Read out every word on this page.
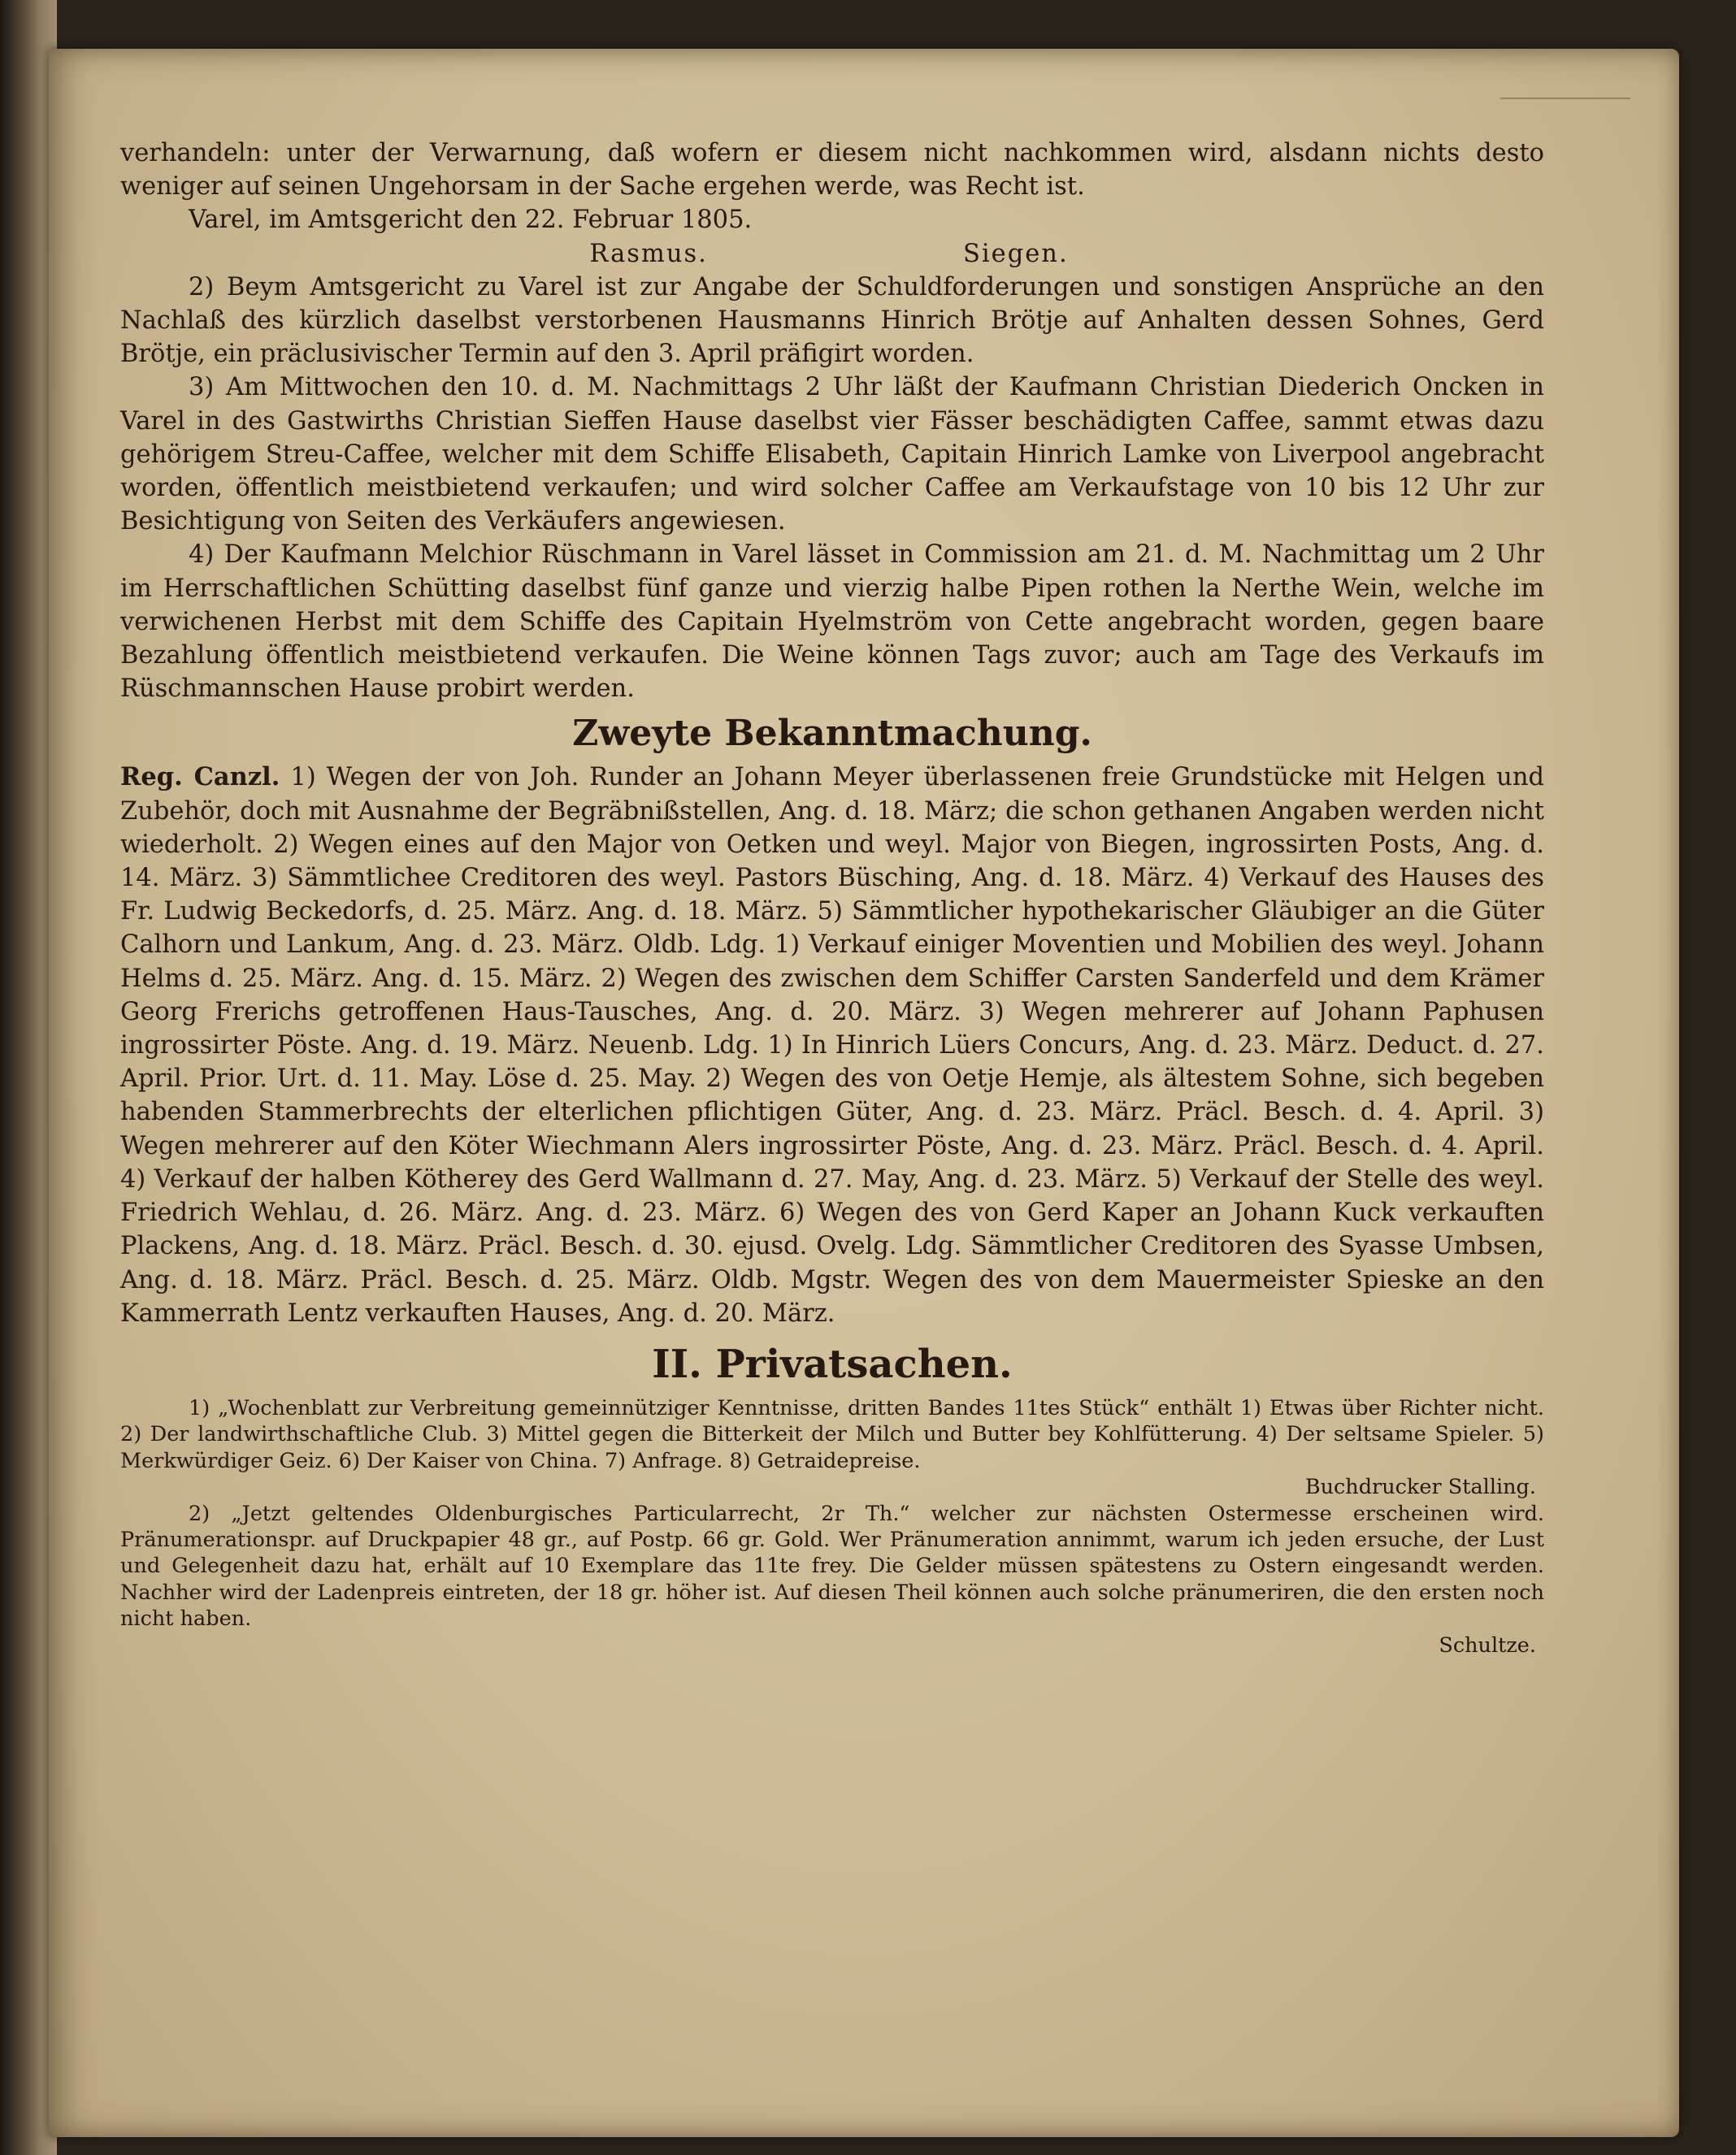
verhandeln: unter der Verwarnung, daß wofern er diesem nicht nachkommen wird, alsdann nichts desto weniger auf seinen Ungehorsam in der Sache ergehen werde, was Recht ist.

Varel, im Amtsgericht den 22. Februar 1805.

Rasmus.	Siegen.

2) Beym Amtsgericht zu Varel ist zur Angabe der Schuldforderungen und sonstigen Ansprüche an den Nachlaß des kürzlich daselbst verstorbenen Hausmanns Hinrich Brötje auf Anhalten dessen Sohnes, Gerd Brötje, ein präclusivischer Termin auf den 3. April präfigirt worden.

3) Am Mittwochen den 10. d. M. Nachmittags 2 Uhr läßt der Kaufmann Christian Diederich Oncken in Varel in des Gastwirths Christian Sieffen Hause daselbst vier Fässer beschädigten Caffee, sammt etwas dazu gehörigem Streu-Caffee, welcher mit dem Schiffe Elisabeth, Capitain Hinrich Lamke von Liverpool angebracht worden, öffentlich meistbietend verkaufen; und wird solcher Caffee am Verkaufstage von 10 bis 12 Uhr zur Besichtigung von Seiten des Verkäufers angewiesen.

4) Der Kaufmann Melchior Rüschmann in Varel lässet in Commission am 21. d. M. Nachmittag um 2 Uhr im Herrschaftlichen Schütting daselbst fünf ganze und vierzig halbe Pipen rothen la Nerthe Wein, welche im verwichenen Herbst mit dem Schiffe des Capitain Hyelmström von Cette angebracht worden, gegen baare Bezahlung öffentlich meistbietend verkaufen. Die Weine können Tags zuvor; auch am Tage des Verkaufs im Rüschmannschen Hause probirt werden.

Zweyte Bekanntmachung.

Reg. Canzl. 1) Wegen der von Joh. Runder an Johann Meyer überlassenen freie Grundstücke mit Helgen und Zubehör, doch mit Ausnahme der Begräbnißstellen, Ang. d. 18. März; die schon gethanen Angaben werden nicht wiederholt. 2) Wegen eines auf den Major von Oetken und weyl. Major von Biegen, ingrossirten Posts, Ang. d. 14. März. 3) Sämmtlichee Creditoren des weyl. Pastors Büsching, Ang. d. 18. März. 4) Verkauf des Hauses des Fr. Ludwig Beckedorfs, d. 25. März. Ang. d. 18. März. 5) Sämmtlicher hypothekarischer Gläubiger an die Güter Calhorn und Lankum, Ang. d. 23. März. Oldb. Ldg. 1) Verkauf einiger Moventien und Mobilien des weyl. Johann Helms d. 25. März. Ang. d. 15. März. 2) Wegen des zwischen dem Schiffer Carsten Sanderfeld und dem Krämer Georg Frerichs getroffenen Haus-Tausches, Ang. d. 20. März. 3) Wegen mehrerer auf Johann Paphusen ingrossirter Pöste. Ang. d. 19. März. Neuenb. Ldg. 1) In Hinrich Lüers Concurs, Ang. d. 23. März. Deduct. d. 27. April. Prior. Urt. d. 11. May. Löse d. 25. May. 2) Wegen des von Oetje Hemje, als ältestem Sohne, sich begeben habenden Stammerbrechts der elterlichen pflichtigen Güter, Ang. d. 23. März. Präcl. Besch. d. 4. April. 3) Wegen mehrerer auf den Köter Wiechmann Alers ingrossirter Pöste, Ang. d. 23. März. Präcl. Besch. d. 4. April. 4) Verkauf der halben Kötherey des Gerd Wallmann d. 27. May, Ang. d. 23. März. 5) Verkauf der Stelle des weyl. Friedrich Wehlau, d. 26. März. Ang. d. 23. März. 6) Wegen des von Gerd Kaper an Johann Kuck verkauften Plackens, Ang. d. 18. März. Präcl. Besch. d. 30. ejusd. Ovelg. Ldg. Sämmtlicher Creditoren des Syasse Umbsen, Ang. d. 18. März. Präcl. Besch. d. 25. März. Oldb. Mgstr. Wegen des von dem Mauermeister Spieske an den Kammerrath Lentz verkauften Hauses, Ang. d. 20. März.

II. Privatsachen.

1) „Wochenblatt zur Verbreitung gemeinnütziger Kenntnisse, dritten Bandes 11tes Stück“ enthält 1) Etwas über Richter nicht. 2) Der landwirthschaftliche Club. 3) Mittel gegen die Bitterkeit der Milch und Butter bey Kohlfütterung. 4) Der seltsame Spieler. 5) Merkwürdiger Geiz. 6) Der Kaiser von China. 7) Anfrage. 8) Getraidepreise.

Buchdrucker Stalling.

2) „Jetzt geltendes Oldenburgisches Particularrecht, 2r Th.“ welcher zur nächsten Ostermesse erscheinen wird. Pränumerationspr. auf Druckpapier 48 gr., auf Postp. 66 gr. Gold. Wer Pränumeration annimmt, warum ich jeden ersuche, der Lust und Gelegenheit dazu hat, erhält auf 10 Exemplare das 11te frey. Die Gelder müssen spätestens zu Ostern eingesandt werden. Nachher wird der Ladenpreis eintreten, der 18 gr. höher ist. Auf diesen Theil können auch solche pränumeriren, die den ersten noch nicht haben.

Schultze.
